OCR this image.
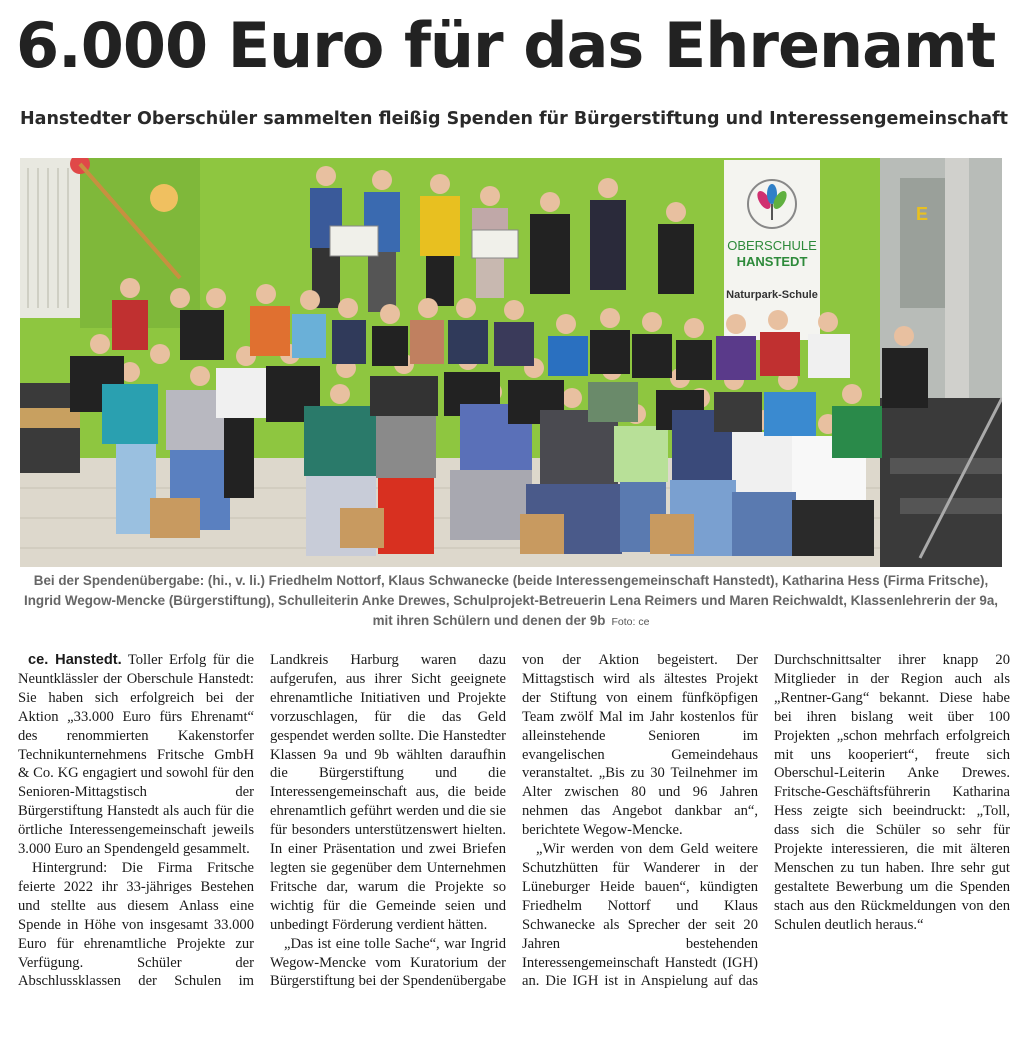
6.000 Euro für das Ehrenamt
Hanstedter Oberschüler sammelten fleißig Spenden für Bürgerstiftung und Interessengemeinschaft
E
OBERSCHULE
HANSTEDT
Naturpark-Schule

Bei der Spendenübergabe: (hi., v. li.) Friedhelm Nottorf, Klaus Schwanecke (beide Interessengemeinschaft Hanstedt), Katharina Hess (Firma Fritsche), Ingrid Wegow-Mencke (Bürgerstiftung), Schulleiterin Anke Drewes, Schulprojekt-Betreuerin Lena Reimers und Maren Reichwaldt, Klassenlehrerin der 9a, mit ihren Schülern und denen der 9b Foto: ce

ce. Hanstedt. Toller Erfolg für die Neuntklässler der Oberschule Hanstedt: Sie haben sich erfolgreich bei der Aktion „33.000 Euro fürs Ehrenamt“ des renommierten Kakenstorfer Technikunternehmens Fritsche GmbH & Co. KG engagiert und sowohl für den Senioren-Mittagstisch der Bürgerstiftung Hanstedt als auch für die örtliche Interessengemeinschaft jeweils 3.000 Euro an Spendengeld gesammelt.

Hintergrund: Die Firma Fritsche feierte 2022 ihr 33-jähriges Bestehen und stellte aus diesem Anlass eine Spende in Höhe von insgesamt 33.000 Euro für ehrenamtliche Projekte zur Verfügung. Schüler der Abschlussklassen der Schulen im Landkreis Harburg waren dazu aufgerufen, aus ihrer Sicht geeignete ehrenamtliche Initiativen und Projekte vorzuschlagen, für die das Geld gespendet werden sollte. Die Hanstedter Klassen 9a und 9b wählten daraufhin die Bürgerstiftung und die Interessengemeinschaft aus, die beide ehrenamtlich geführt werden und die sie für besonders unterstützenswert hielten. In einer Präsentation und zwei Briefen legten sie gegenüber dem Unternehmen Fritsche dar, warum die Projekte so wichtig für die Gemeinde seien und unbedingt Förderung verdient hätten.

„Das ist eine tolle Sache“, war Ingrid Wegow-Mencke vom Kuratorium der Bürgerstiftung bei der Spendenübergabe von der Aktion begeistert. Der Mittagstisch wird als ältestes Projekt der Stiftung von einem fünfköpfigen Team zwölf Mal im Jahr kostenlos für alleinstehende Senioren im evangelischen Gemeindehaus veranstaltet. „Bis zu 30 Teilnehmer im Alter zwischen 80 und 96 Jahren nehmen das Angebot dankbar an“, berichtete Wegow-Mencke.

„Wir werden von dem Geld weitere Schutzhütten für Wanderer in der Lüneburger Heide bauen“, kündigten Friedhelm Nottorf und Klaus Schwanecke als Sprecher der seit 20 Jahren bestehenden Interessengemeinschaft Hanstedt (IGH) an. Die IGH ist in Anspielung auf das Durchschnittsalter ihrer knapp 20 Mitglieder in der Region auch als „Rentner-Gang“ bekannt. Diese habe bei ihren bislang weit über 100 Projekten „schon mehrfach erfolgreich mit uns kooperiert“, freute sich Oberschul-Leiterin Anke Drewes. Fritsche-Geschäftsführerin Katharina Hess zeigte sich beeindruckt: „Toll, dass sich die Schüler so sehr für Projekte interessieren, die mit älteren Menschen zu tun haben. Ihre sehr gut gestaltete Bewerbung um die Spenden stach aus den Rückmeldungen von den Schulen deutlich heraus.“
